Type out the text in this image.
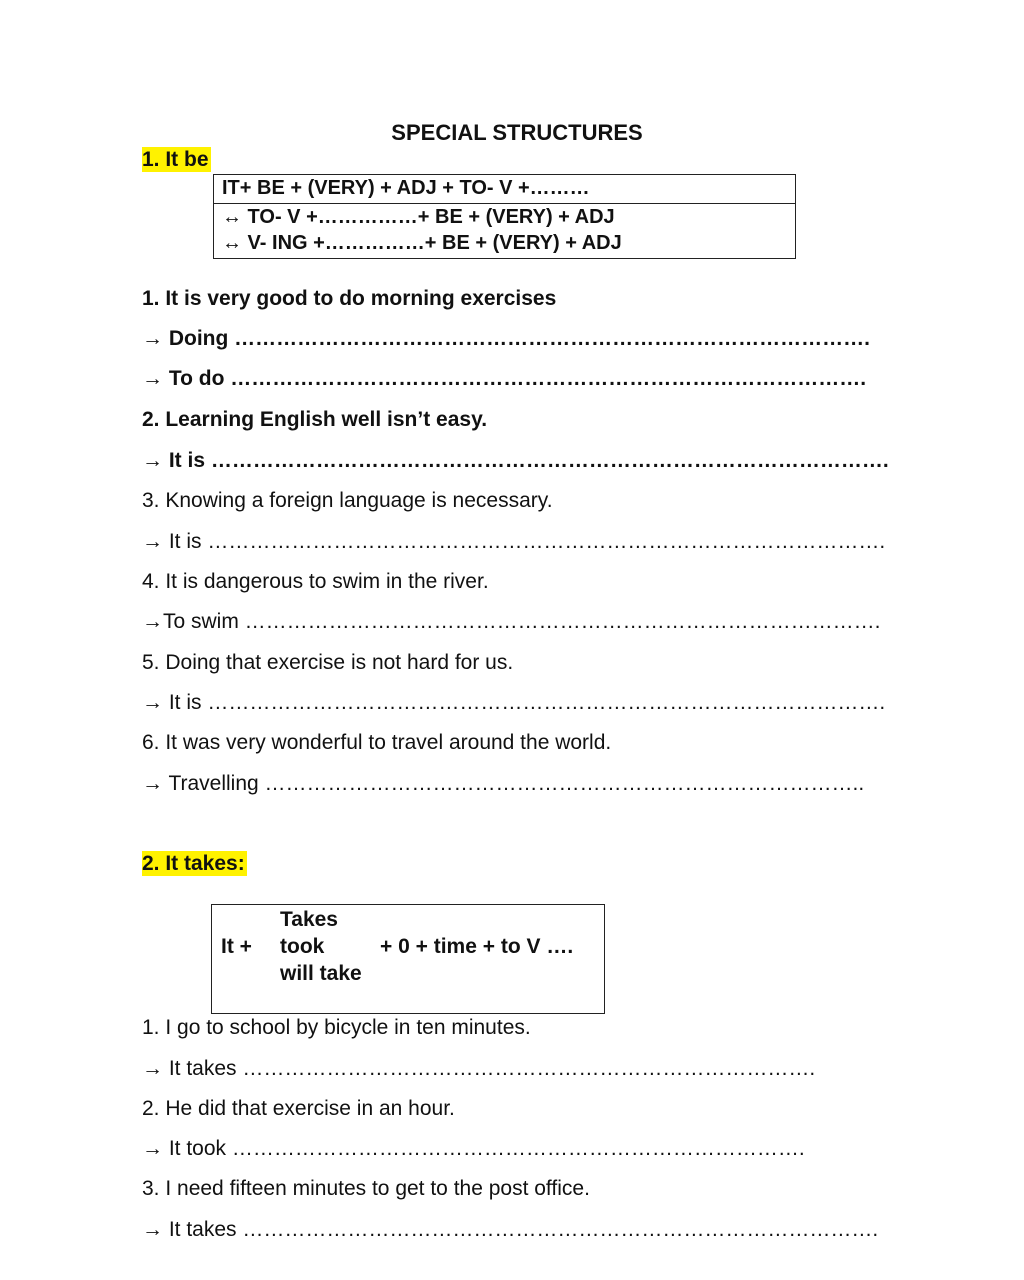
SPECIAL STRUCTURES
1. It be
IT+ BE + (VERY) + ADJ + TO- V +………
↔ TO- V +……………+ BE + (VERY) + ADJ
↔ V- ING +……………+ BE + (VERY) + ADJ
1. It is very good to do morning exercises
→ Doing ……………………………………………………………………………….
→ To do ……………………………………………………………………………….
2. Learning English well isn’t easy.
→ It is …………………………………………………………………………………….
3. Knowing a foreign language is necessary.
→ It is …………………………………………………………………………………….
4. It is dangerous to swim in the river.
→To swim ……………………………………………………………………………….
5. Doing that exercise is not hard for us.
→ It is …………………………………………………………………………………….
6. It was very wonderful to travel around the world.
→ Travelling …………………………………………………………………………..
2. It takes:
Takes
It + took	+ 0 + time + to V ….
will take
1. I go to school by bicycle in ten minutes.
→ It takes ……………………………………………………………………….
2. He did that exercise in an hour.
→ It took ……………………………………………………………………….
3. I need fifteen minutes to get to the post office.
→ It takes ……………………………………………………………………………….
